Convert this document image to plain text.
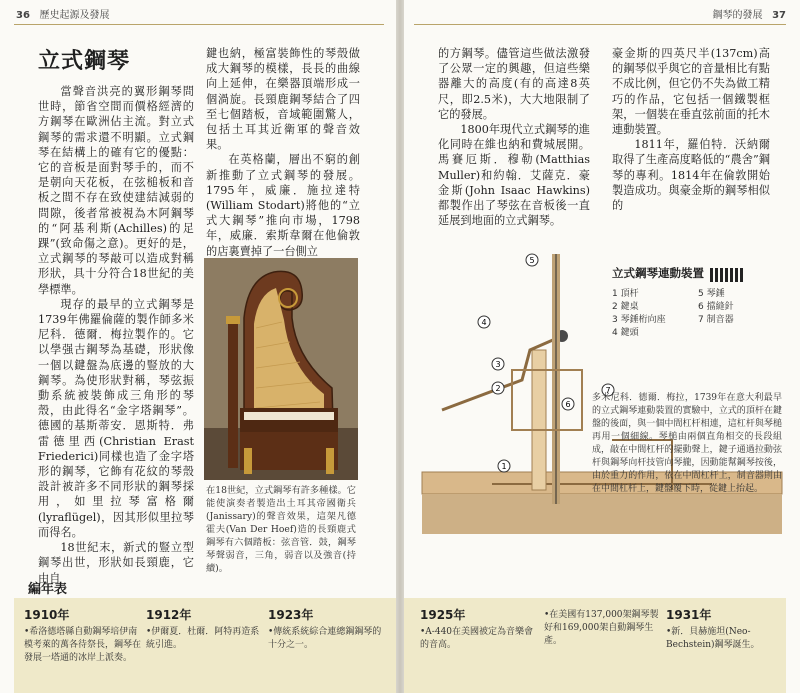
36 歷史起源及發展	鋼琴的發展 37
立式鋼琴

當聲音洪亮的翼形鋼琴問世時，節省空間而價格經濟的方鋼琴在歐洲佔主流。對立式鋼琴的需求還不明顯。立式鋼琴在結構上的確有它的優點：它的音板是面對琴手的，而不是朝向天花板，在弦槌板和音板之間不存在致使建結減弱的問隙，後者常被視為木阿鋼琴的“阿基利斯(Achilles)的足踝”(致命傷之意)。更好的是，立式鋼琴的琴敲可以造成對稱形狀，具十分符合18世紀的美學標準。

現存的最早的立式鋼琴是1739年佛羅倫薩的製作師多米尼科．德爾．梅拉製作的。它以學强古鋼琴為基礎，形狀像一個以鍵盤為底邊的豎放的大鋼琴。為使形狀對稱，琴弦振動系統被裝飾成三角形的琴殼，由此得名“金字塔鋼琴”。德國的基斯蒂安．恩斯特．弗雷德里西(Christian Erast Friederici)同樣也造了金字塔形的鋼琴，它飾有花紋的琴殼設計被許多不同形狀的鋼琴採用，如里拉琴富格爾(lyraflügel)，因其形似里拉琴而得名。

18世紀末，新式的豎立型鋼琴出世，形狀如長頸鹿，它由自

鍵也納，極富裝飾性的琴殼做成大鋼琴的模樣，長長的曲線向上延伸，在樂器頂端形成一個渦旋。長頸鹿鋼琴結合了四至七個踏板，音域範圍驚人，包括土耳其近衛軍的聲音效果。

在英格蘭，層出不窮的創新推動了立式鋼琴的發展。1795年，威廉．施拉達特(William Stodart)將他的“立式大鋼琴”推向市場，1798年，威廉．索斯韋爾在他倫敦的店裏賣掉了一台側立

在18世紀，立式鋼琴有許多種樣。它能使演奏者製造出土耳其帝國衛兵(Janissary)的聲音效果，這架凡德霍夫(Van Der Hoef)造的長頸鹿式鋼琴有六個踏板：弦音管．鼓，鋼琴琴聲弱音，三角，弱音以及強音(持續)。

的方鋼琴。儘管這些做法激發了公眾一定的興趣，但這些樂器離大的高度(有的高達8英尺，即2.5米)，大大地限制了它的發展。

1800年現代立式鋼琴的進化同時在維也納和費城展開。馬賽厄斯．穆勒(Matthias Muller)和約翰．艾薩克．豪金斯(John Isaac Hawkins)都製作出了琴弦在音板後一直延展到地面的立式鋼琴。

豪金斯的四英尺半(137cm)高的鋼琴似乎與它的音量相比有點不成比例，但它仍不失為做工精巧的作品，它包括一個鐵製框架，一個裝在垂直弦前面的托木連動裝置。

1811年，羅伯特．沃納爾取得了生產高度略低的“農舍”鋼琴的專利。1814年在倫敦開始製造成功。與豪金斯的鋼琴相似的

1
2
3
4
5
6
7
立式鋼琴連動裝置
1 頂杆	5 琴錘
2 鍵桌	6 擋縫針
3 琴錘桁向座	7 制音器
4 鍵頭
多米尼科．德爾．梅拉，1739年在意大利最早的立式鋼琴連動裝置的實驗中，立式的頂杆在鍵盤的後面，與一個中間杠杆相連，這杠杆與琴槌再用一個細線。琴槌由兩個直角相交的長段組成，敲在中間杠杆的擺動聲上，鍵子通過拉動弦杆與鋼琴向杆技管向琴攏，因動能幫鋼琴按後，由於重力的作用，依在中間杠杆上，制音器則由在中間杠杆上，鍵盤覆下時，從鍵上抬起。
編年表
1910年
•希洛德塔縣自動鋼琴培伊南模考萊的萬各待祭長，鋼琴在發展一塔通的冰岸上派奏。
1912年
•伊爾夏．杜爾．阿特再造系統引進。
1923年
•傳統系統綜合連總鋼鋼琴的十分之一。
1925年
•A-440在美國被定為音樂會的音高。
•在美國有137,000架鋼琴製好和169,000架自動鋼琴生產。
1931年
•新．貝赫施坦(Neo-Bechstein)鋼琴誕生。
